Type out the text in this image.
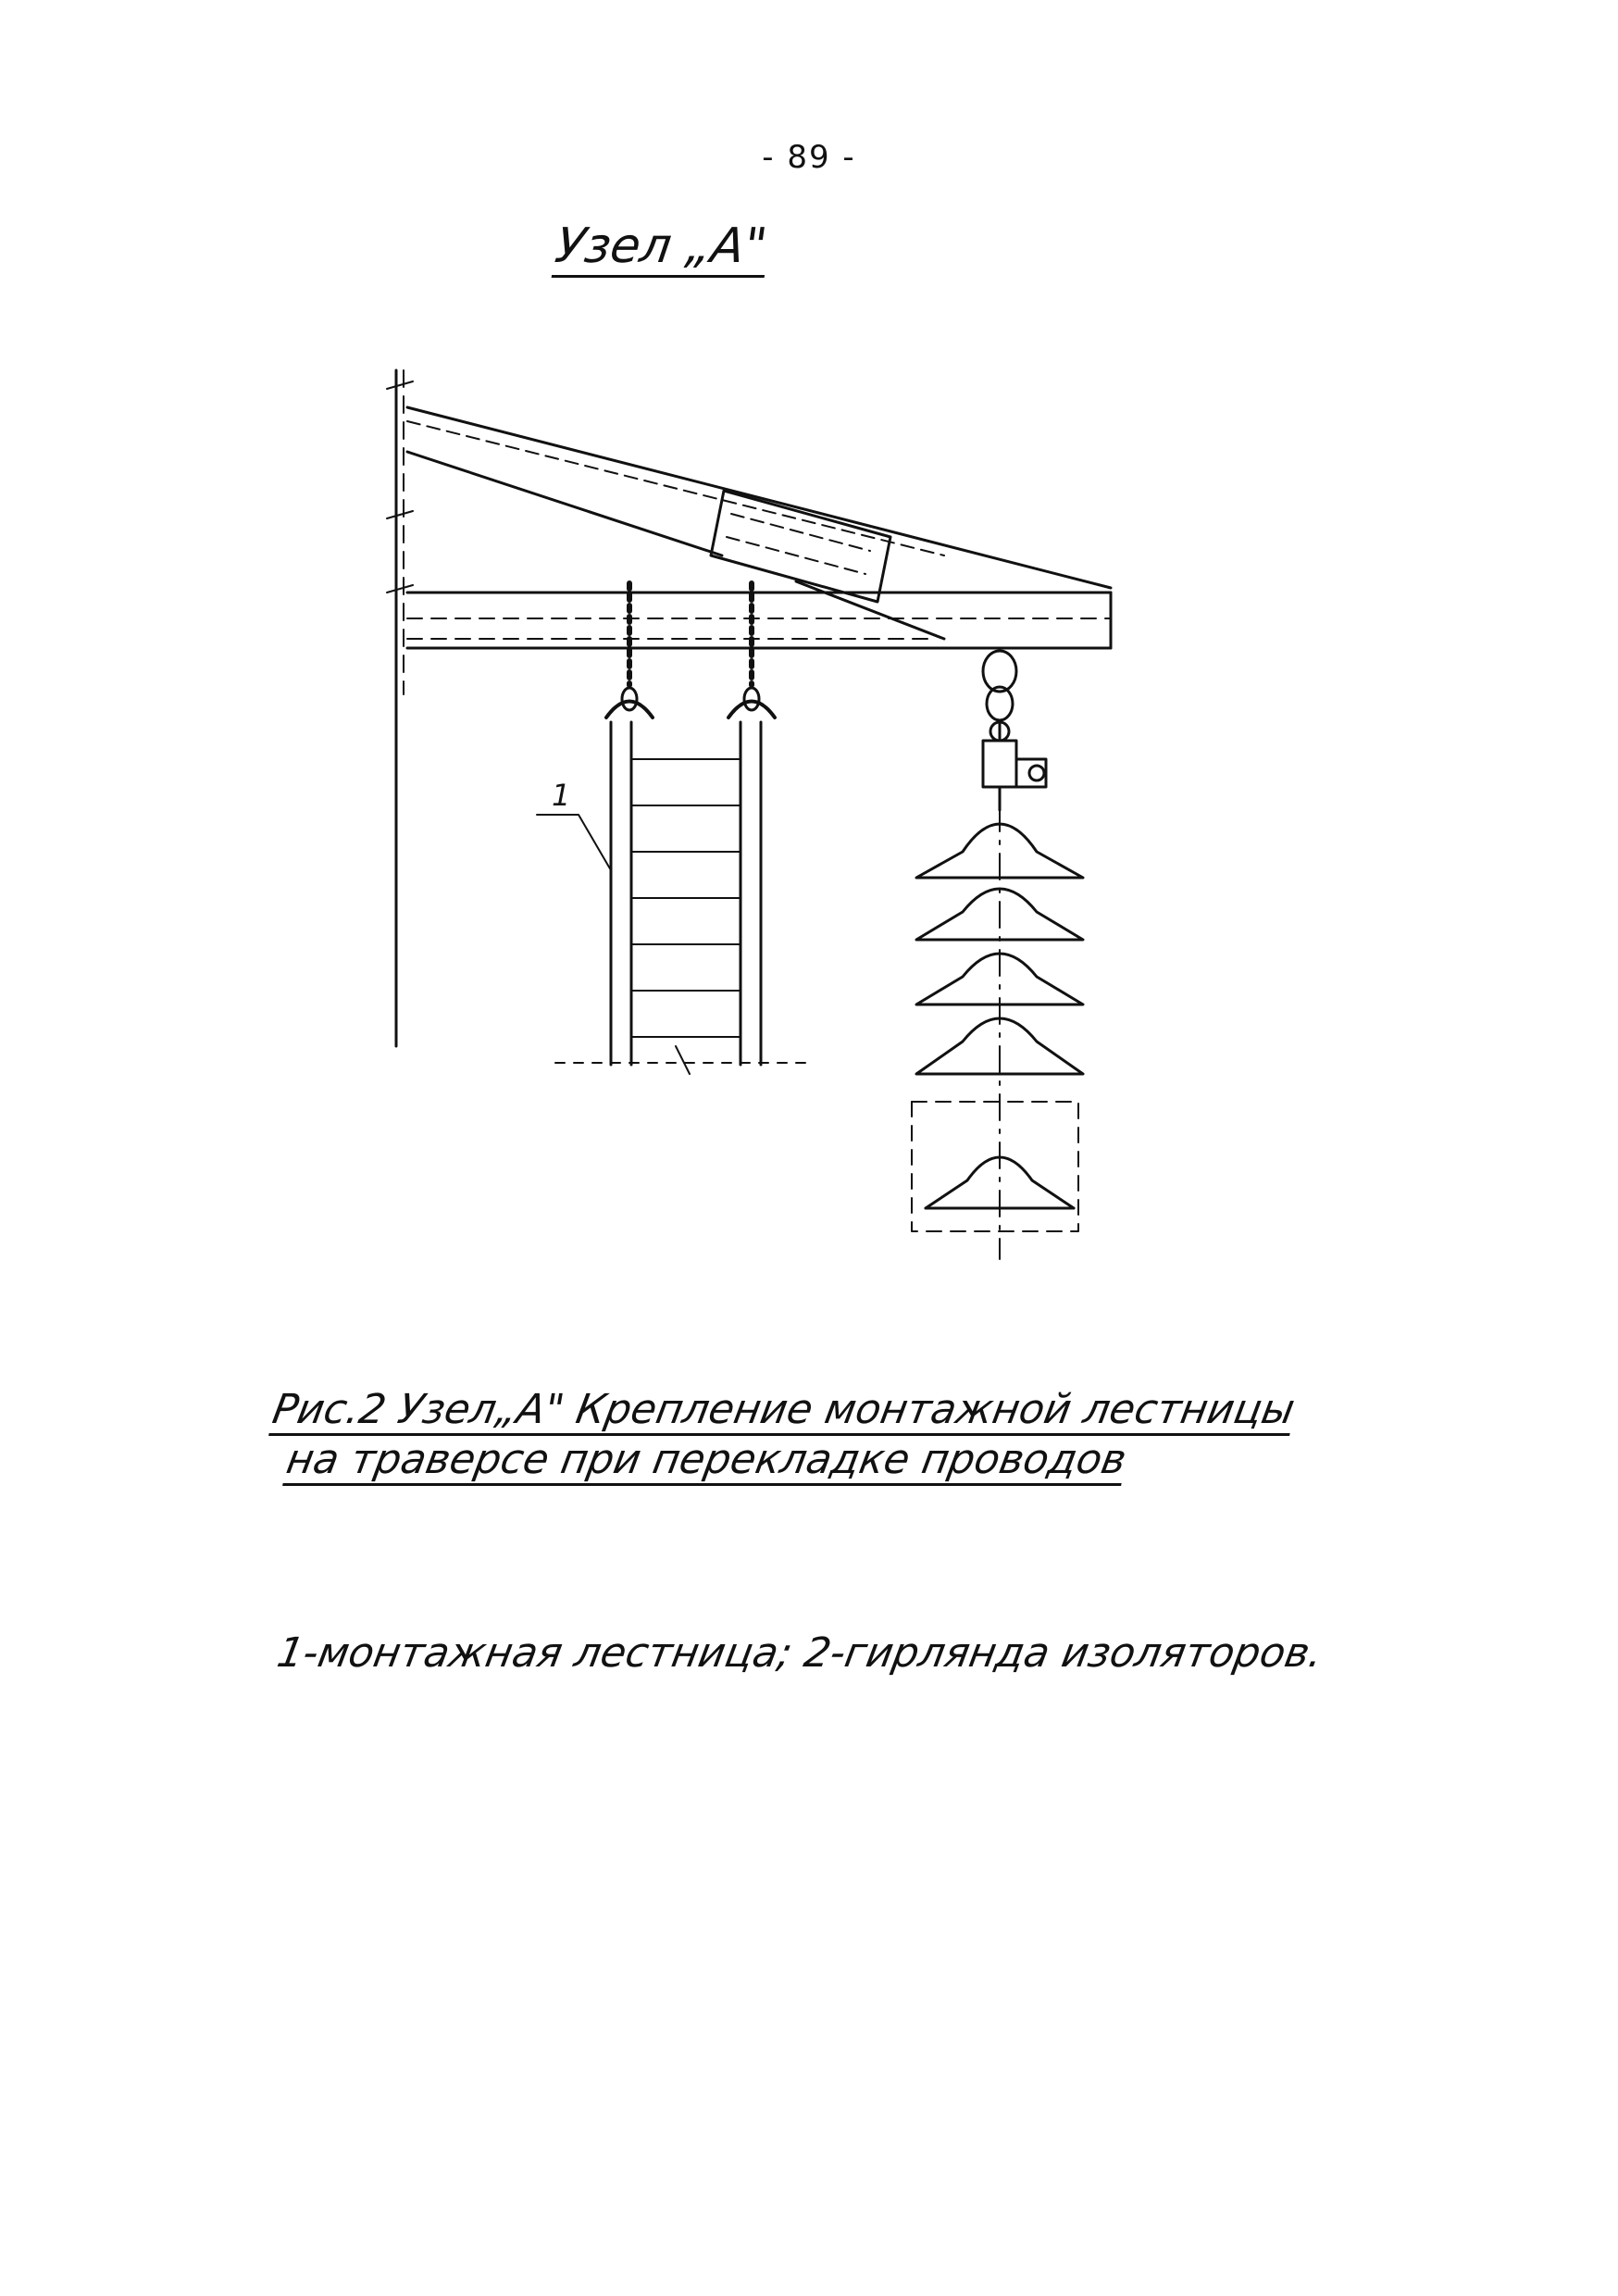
- 89 -
Узел „А"
1
Рис.2 Узел„А" Крепление монтажной лестницы
на траверсе при перекладке проводов
1-монтажная лестница; 2-гирлянда изоляторов.
